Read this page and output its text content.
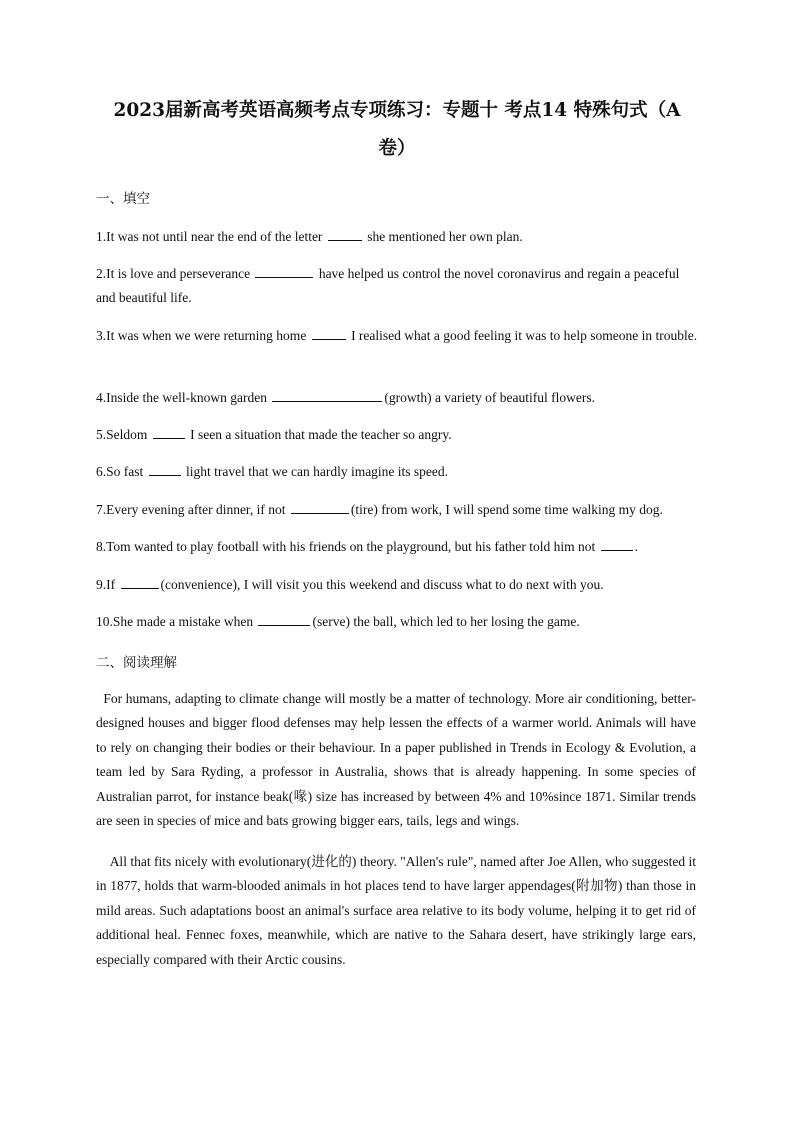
2023届新高考英语高频考点专项练习：专题十 考点14 特殊句式（A
卷）
一、填空
1.It was not until near the end of the letter	she mentioned her own plan.
2.It is love and perseverance	have helped us control the novel coronavirus and regain a peaceful and beautiful life.
3.It was when we were returning home	I realised what a good feeling it was to help someone in trouble.
4.Inside the well-known garden	(growth) a variety of beautiful flowers.
5.Seldom	I seen a situation that made the teacher so angry.
6.So fast	light travel that we can hardly imagine its speed.
7.Every evening after dinner, if not	(tire) from work, I will spend some time walking my dog.
8.Tom wanted to play football with his friends on the playground, but his father told him not	.
9.If	(convenience), I will visit you this weekend and discuss what to do next with you.
10.She made a mistake when	(serve) the ball, which led to her losing the game.
二、阅读理解
For humans, adapting to climate change will mostly be a matter of technology. More air conditioning, better-designed houses and bigger flood defenses may help lessen the effects of a warmer world. Animals will have to rely on changing their bodies or their behaviour. In a paper published in Trends in Ecology & Evolution, a team led by Sara Ryding, a professor in Australia, shows that is already happening. In some species of Australian parrot, for instance beak(喙) size has increased by between 4% and 10%since 1871. Similar trends are seen in species of mice and bats growing bigger ears, tails, legs and wings.
All that fits nicely with evolutionary(进化的) theory. "Allen's rule", named after Joe Allen, who suggested it in 1877, holds that warm-blooded animals in hot places tend to have larger appendages(附加物) than those in mild areas. Such adaptations boost an animal's surface area relative to its body volume, helping it to get rid of additional heal. Fennec foxes, meanwhile, which are native to the Sahara desert, have strikingly large ears, especially compared with their Arctic cousins.
